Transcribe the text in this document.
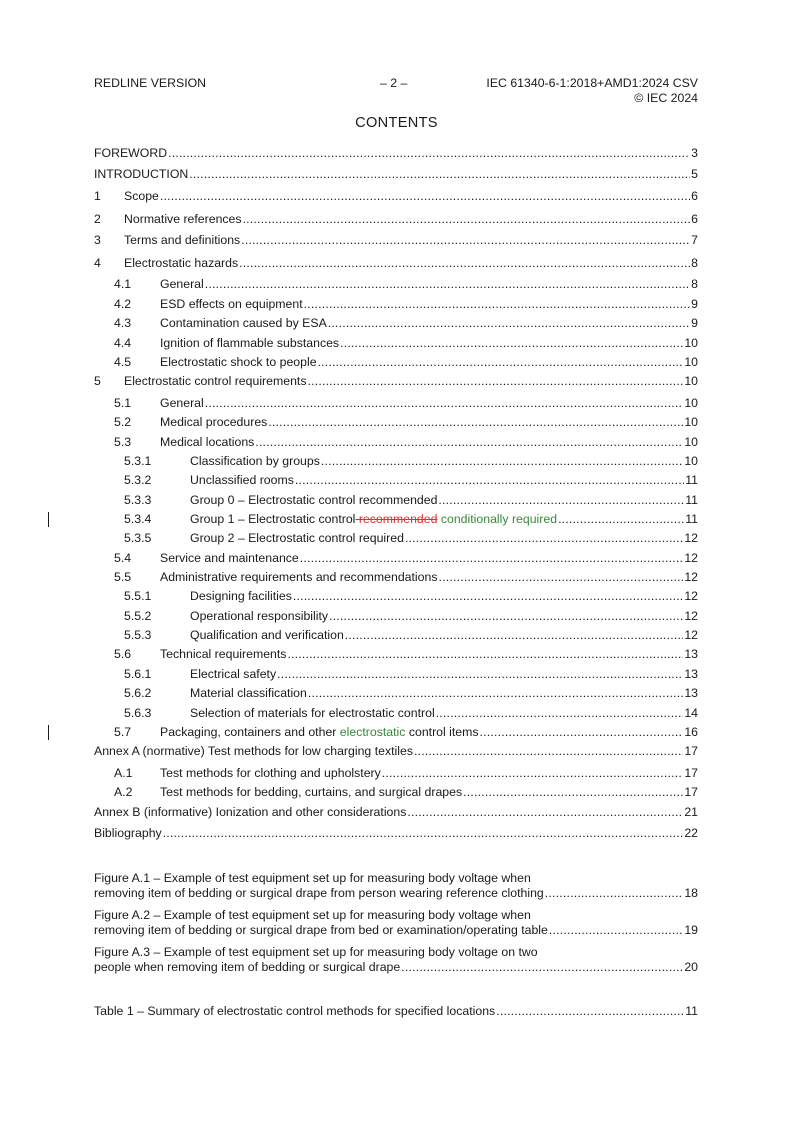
REDLINE VERSION	– 2 –	IEC 61340-6-1:2018+AMD1:2024 CSV
© IEC 2024
CONTENTS
FOREWORD .....	3
INTRODUCTION .....	5
1	Scope .....	6
2	Normative references .....	6
3	Terms and definitions .....	7
4	Electrostatic hazards .....	8
4.1	General .....	8
4.2	ESD effects on equipment .....	9
4.3	Contamination caused by ESA .....	9
4.4	Ignition of flammable substances .....	10
4.5	Electrostatic shock to people .....	10
5	Electrostatic control requirements .....	10
5.1	General .....	10
5.2	Medical procedures .....	10
5.3	Medical locations .....	10
5.3.1	Classification by groups .....	10
5.3.2	Unclassified rooms .....	11
5.3.3	Group 0 – Electrostatic control recommended .....	11
5.3.4	Group 1 – Electrostatic control recommended conditionally required .....	11
5.3.5	Group 2 – Electrostatic control required .....	12
5.4	Service and maintenance .....	12
5.5	Administrative requirements and recommendations .....	12
5.5.1	Designing facilities .....	12
5.5.2	Operational responsibility .....	12
5.5.3	Qualification and verification .....	12
5.6	Technical requirements .....	13
5.6.1	Electrical safety .....	13
5.6.2	Material classification .....	13
5.6.3	Selection of materials for electrostatic control .....	14
5.7	Packaging, containers and other electrostatic control items .....	16
Annex A (normative) Test methods for low charging textiles .....	17
A.1	Test methods for clothing and upholstery .....	17
A.2	Test methods for bedding, curtains, and surgical drapes .....	17
Annex B (informative) Ionization and other considerations .....	21
Bibliography .....	22
Figure A.1 – Example of test equipment set up for measuring body voltage when
removing item of bedding or surgical drape from person wearing reference clothing .....	18
Figure A.2 – Example of test equipment set up for measuring body voltage when
removing item of bedding or surgical drape from bed or examination/operating table .....	19
Figure A.3 – Example of test equipment set up for measuring body voltage on two
people when removing item of bedding or surgical drape .....	20
Table 1 – Summary of electrostatic control methods for specified locations .....	11
